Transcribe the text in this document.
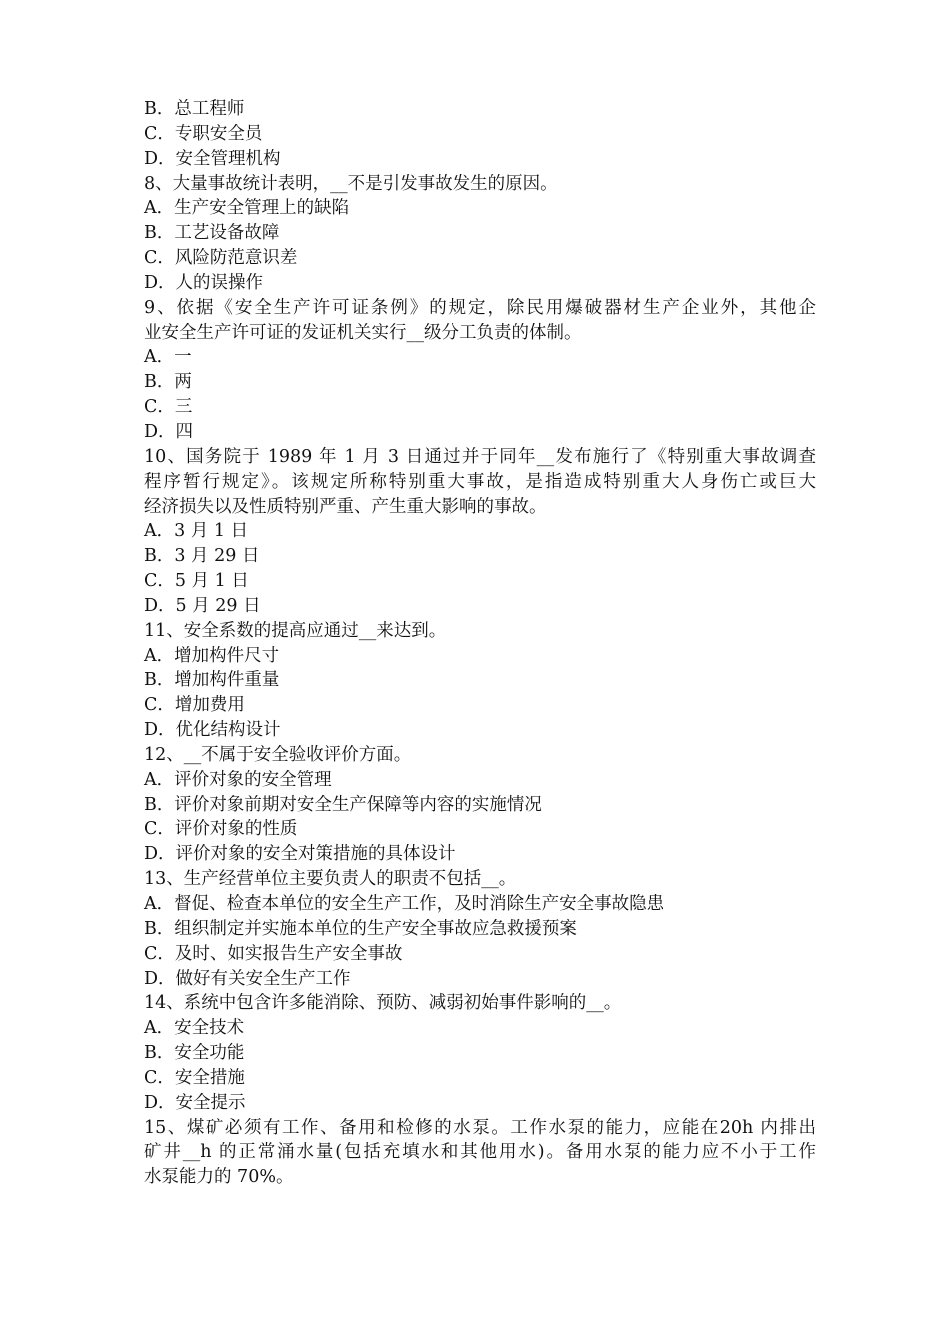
B．总工程师
C．专职安全员
D．安全管理机构
8、大量事故统计表明，__不是引发事故发生的原因。
A．生产安全管理上的缺陷
B．工艺设备故障
C．风险防范意识差
D．人的误操作
9、依据《安全生产许可证条例》的规定，除民用爆破器材生产企业外，其他企
业安全生产许可证的发证机关实行__级分工负责的体制。
A．一
B．两
C．三
D．四
10、国务院于 1989 年 1 月 3 日通过并于同年__发布施行了《特别重大事故调查
程序暂行规定》。该规定所称特别重大事故，是指造成特别重大人身伤亡或巨大
经济损失以及性质特别严重、产生重大影响的事故。
A．3 月 1 日
B．3 月 29 日
C．5 月 1 日
D．5 月 29 日
11、安全系数的提高应通过__来达到。
A．增加构件尺寸
B．增加构件重量
C．增加费用
D．优化结构设计
12、__不属于安全验收评价方面。
A．评价对象的安全管理
B．评价对象前期对安全生产保障等内容的实施情况
C．评价对象的性质
D．评价对象的安全对策措施的具体设计
13、生产经营单位主要负责人的职责不包括__。
A．督促、检查本单位的安全生产工作，及时消除生产安全事故隐患
B．组织制定并实施本单位的生产安全事故应急救援预案
C．及时、如实报告生产安全事故
D．做好有关安全生产工作
14、系统中包含许多能消除、预防、减弱初始事件影响的__。
A．安全技术
B．安全功能
C．安全措施
D．安全提示
15、煤矿必须有工作、备用和检修的水泵。工作水泵的能力，应能在20h 内排出
矿井__h 的正常涌水量(包括充填水和其他用水)。备用水泵的能力应不小于工作
水泵能力的 70%。
